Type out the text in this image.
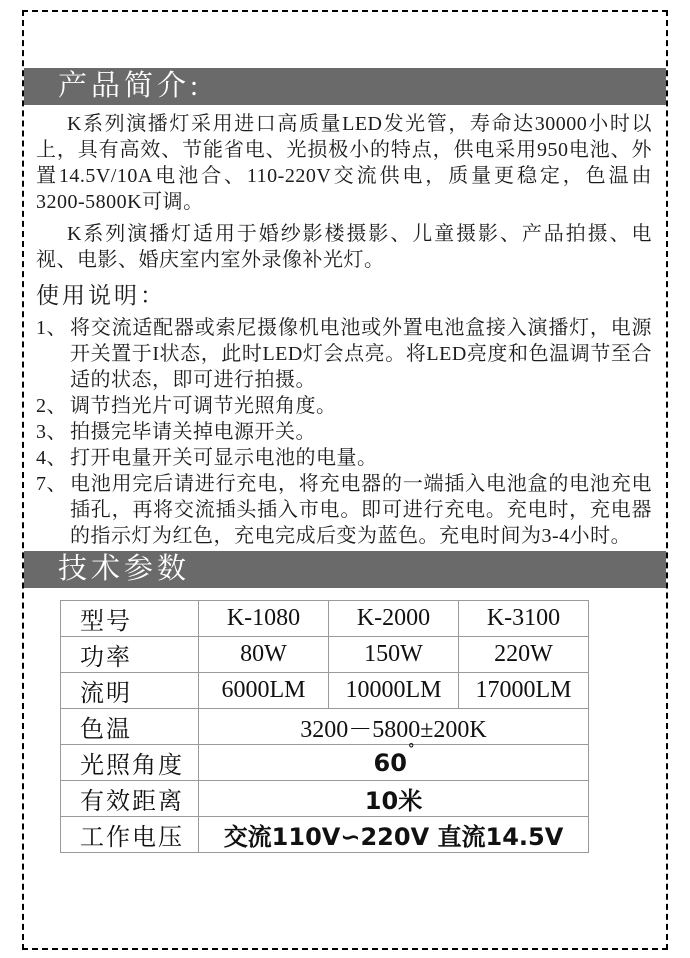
产品简介:

K系列演播灯采用进口高质量LED发光管，寿命达30000小时以上，具有高效、节能省电、光损极小的特点，供电采用950电池、外置14.5V/10A电池合、110-220V交流供电，质量更稳定，色温由3200-5800K可调。

K系列演播灯适用于婚纱影楼摄影、儿童摄影、产品拍摄、电视、电影、婚庆室内室外录像补光灯。

使用说明：
1、 将交流适配器或索尼摄像机电池或外置电池盒接入演播灯，电源开关置于I状态，此时LED灯会点亮。将LED亮度和色温调节至合适的状态，即可进行拍摄。
2、 调节挡光片可调节光照角度。
3、 拍摄完毕请关掉电源开关。
4、 打开电量开关可显示电池的电量。
7、 电池用完后请进行充电，将充电器的一端插入电池盒的电池充电插孔，再将交流插头插入市电。即可进行充电。充电时，充电器的指示灯为红色，充电完成后变为蓝色。充电时间为3-4小时。
技术参数
型号	K-1080	K-2000	K-3100
功率	80W	150W	220W
流明	6000LM	10000LM	17000LM
色温	3200－5800±200K		
光照角度	60°
有效距离	10米		
工作电压	交流110V∽220V 直流14.5V		
